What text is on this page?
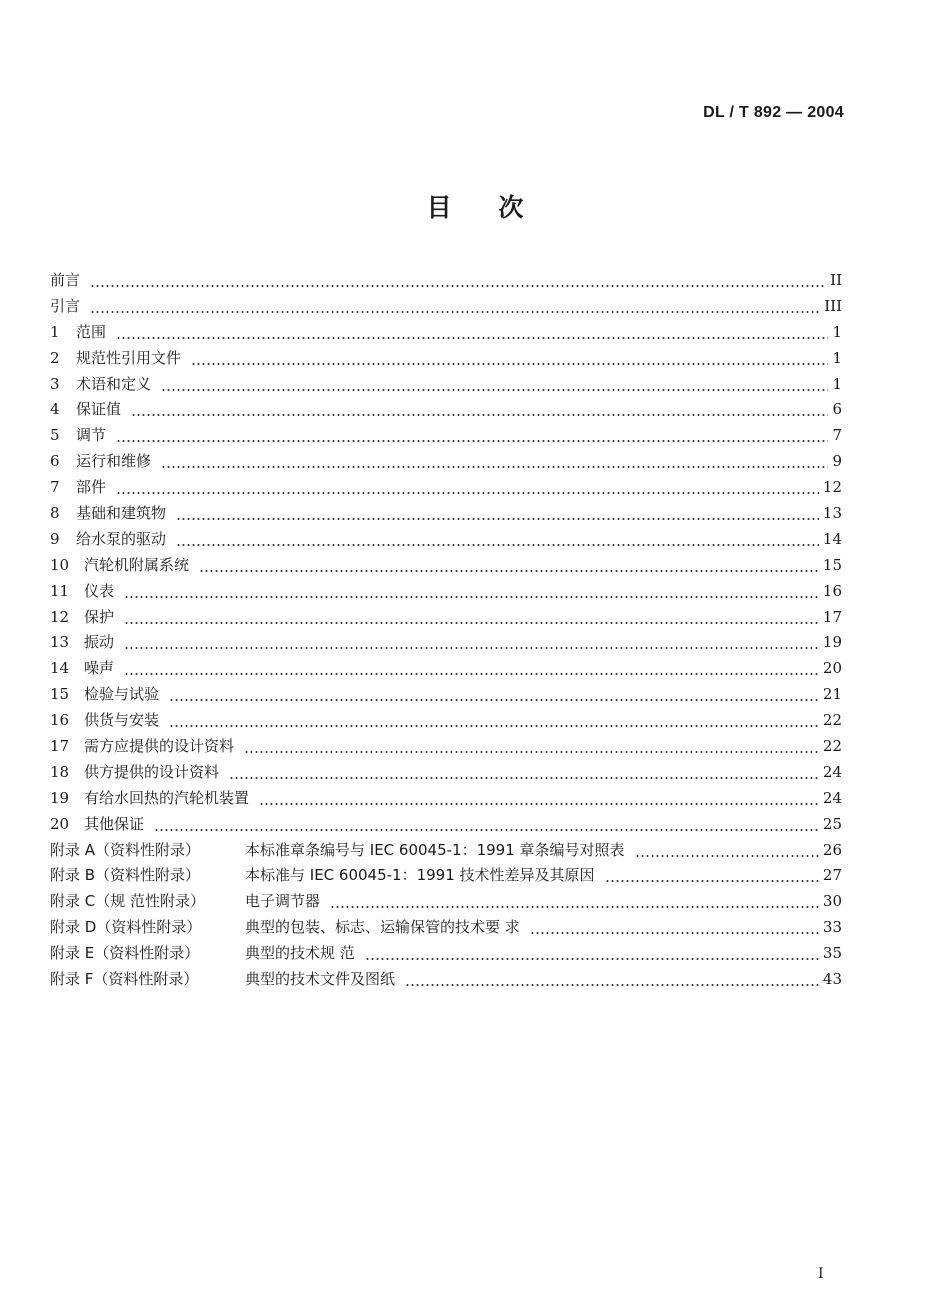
DL / T 892 — 2004
目 次
前言	II
引言	III
1	范围	1
2	规范性引用文件	1
3	术语和定义	1
4	保证值	6
5	调节	7
6	运行和维修	9
7	部件	12
8	基础和建筑物	13
9	给水泵的驱动	14
10 汽轮机附属系统	15
11 仪表	16
12 保护	17
13 振动	19
14 噪声	20
15 检验与试验	21
16 供货与安装	22
17 需方应提供的设计资料	22
18 供方提供的设计资料	24
19 有给水回热的汽轮机装置	24
20 其他保证	25
附录 A（资料性附录）	本标准章条编号与 IEC 60045-1：1991 章条编号对照表	26
附录 B（资料性附录）	本标准与 IEC 60045-1：1991 技术性差异及其原因	27
附录 C（规 范性附录）	电子调节器	30
附录 D（资料性附录）	典型的包装、标志、运输保管的技术要 求	33
附录 E（资料性附录）	典型的技术规 范	35
附录 F（资料性附录）	典型的技术文件及图纸	43
I
